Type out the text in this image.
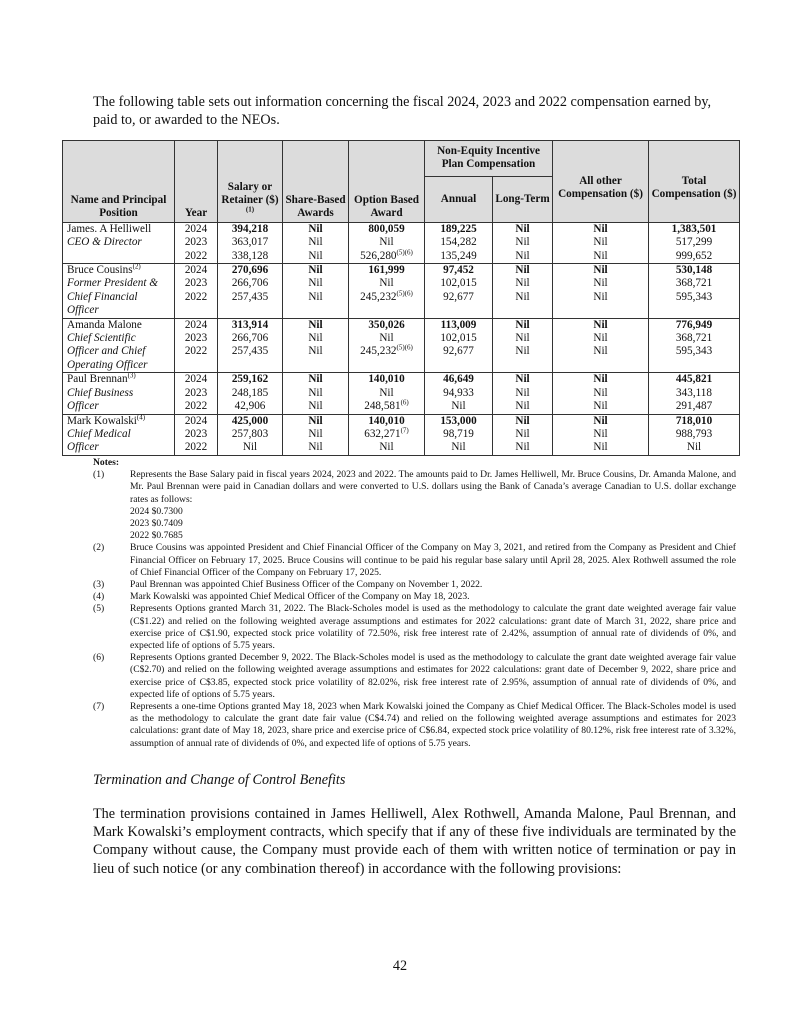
The following table sets out information concerning the fiscal 2024, 2023 and 2022 compensation earned by, paid to, or awarded to the NEOs.

Name and Principal Position	Year	Salary or Retainer ($)$^{(1)}$	Share-Based Awards	Option Based Award	Non-Equity Incentive Plan Compensation		All other Compensation ($)	Total Compensation ($)
					Annual	Long-Term		
James. A Helliwell	2024	394,218	Nil	800,059	189,225	Nil	Nil	1,383,501
CEO & Director	2023	363,017	Nil	Nil	154,282	Nil	Nil	517,299
	2022	338,128	Nil	$526,280^{(5)(6)}$	135,249	Nil	Nil	999,652
Bruce Cousins$^{(2)}$	2024	270,696	Nil	161,999	97,452	Nil	Nil	530,148
Former President &	2023	266,706	Nil	Nil	102,015	Nil	Nil	368,721
Chief Financial	2022	257,435	Nil	$245,232^{(5)(6)}$	92,677	Nil	Nil	595,343
Officer								
Amanda Malone	2024	313,914	Nil	350,026	113,009	Nil	Nil	776,949
Chief Scientific	2023	266,706	Nil	Nil	102,015	Nil	Nil	368,721
Officer and Chief	2022	257,435	Nil	$245,232^{(5)(6)}$	92,677	Nil	Nil	595,343
Operating Officer								
Paul Brennan$^{(3)}$	2024	259,162	Nil	140,010	46,649	Nil	Nil	445,821
Chief Business	2023	248,185	Nil	Nil	94,933	Nil	Nil	343,118
Officer	2022	42,906	Nil	248,581$^{(6)}$	Nil	Nil	Nil	291,487
Mark Kowalski$^{(4)}$	2024	425,000	Nil	140,010	153,000	Nil	Nil	718,010
Chief Medical	2023	257,803	Nil	632,271$^{(7)}$	98,719	Nil	Nil	988,793
Officer	2022	Nil	Nil	Nil	Nil	Nil	Nil	Nil
Notes:
(1)	Represents the Base Salary paid in fiscal years 2024, 2023 and 2022. The amounts paid to Dr. James Helliwell, Mr. Bruce Cousins, Dr. Amanda Malone, and Mr. Paul Brennan were paid in Canadian dollars and were converted to U.S. dollars using the Bank of Canada’s average Canadian to U.S. dollar exchange rates as follows:
2024 $0.7300
2023 $0.7409
2022 $0.7685
(2)	Bruce Cousins was appointed President and Chief Financial Officer of the Company on May 3, 2021, and retired from the Company as President and Chief Financial Officer on February 17, 2025. Bruce Cousins will continue to be paid his regular base salary until April 28, 2025. Alex Rothwell assumed the role of Chief Financial Officer of the Company on February 17, 2025.
(3)	Paul Brennan was appointed Chief Business Officer of the Company on November 1, 2022.
(4)	Mark Kowalski was appointed Chief Medical Officer of the Company on May 18, 2023.
(5)	Represents Options granted March 31, 2022. The Black-Scholes model is used as the methodology to calculate the grant date weighted average fair value (C$1.22) and relied on the following weighted average assumptions and estimates for 2022 calculations: grant date of March 31, 2022, share price and exercise price of C$1.90, expected stock price volatility of 72.50%, risk free interest rate of 2.42%, assumption of annual rate of dividends of 0%, and expected life of options of 5.75 years.
(6)	Represents Options granted December 9, 2022. The Black-Scholes model is used as the methodology to calculate the grant date weighted average fair value (C$2.70) and relied on the following weighted average assumptions and estimates for 2022 calculations: grant date of December 9, 2022, share price and exercise price of C$3.85, expected stock price volatility of 82.02%, risk free interest rate of 2.95%, assumption of annual rate of dividends of 0%, and expected life of options of 5.75 years.
(7)	Represents a one-time Options granted May 18, 2023 when Mark Kowalski joined the Company as Chief Medical Officer. The Black-Scholes model is used as the methodology to calculate the grant date fair value (C$4.74) and relied on the following weighted average assumptions and estimates for 2023 calculations: grant date of May 18, 2023, share price and exercise price of C$6.84, expected stock price volatility of 80.12%, risk free interest rate of 3.32%, assumption of annual rate of dividends of 0%, and expected life of options of 5.75 years.
Termination and Change of Control Benefits

The termination provisions contained in James Helliwell, Alex Rothwell, Amanda Malone, Paul Brennan, and Mark Kowalski’s employment contracts, which specify that if any of these five individuals are terminated by the Company without cause, the Company must provide each of them with written notice of termination or pay in lieu of such notice (or any combination thereof) in accordance with the following provisions:

42
